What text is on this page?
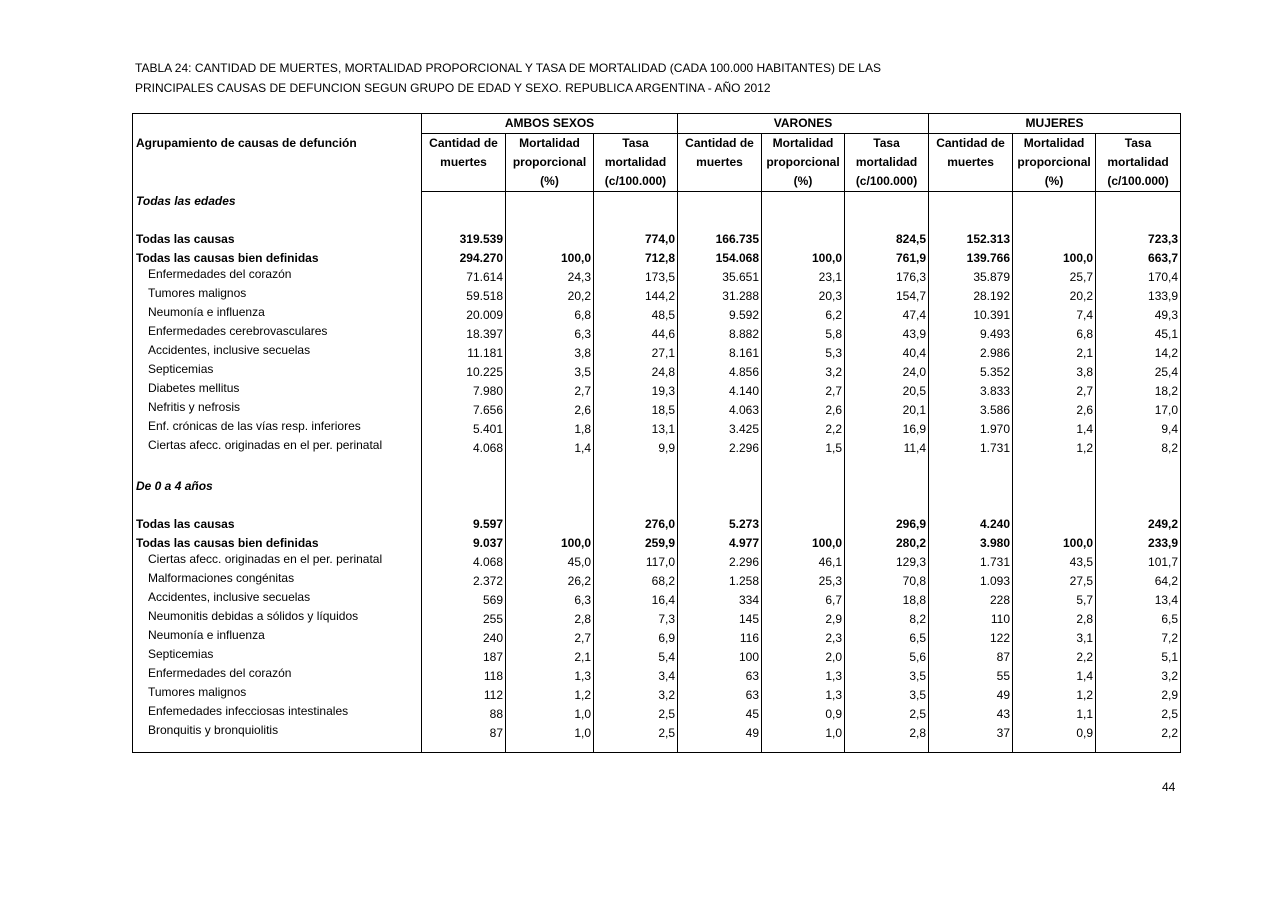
TABLA 24: CANTIDAD DE MUERTES, MORTALIDAD PROPORCIONAL Y TASA DE MORTALIDAD (CADA 100.000 HABITANTES) DE LAS
PRINCIPALES CAUSAS DE DEFUNCION SEGUN GRUPO DE EDAD Y SEXO. REPUBLICA ARGENTINA - AÑO 2012
	AMBOS SEXOS			VARONES			MUJERES		
Agrupamiento de causas de defunción	Cantidad de	Mortalidad	Tasa	Cantidad de	Mortalidad	Tasa	Cantidad de	Mortalidad	Tasa
	muertes	proporcional	mortalidad	muertes	proporcional	mortalidad	muertes	proporcional	mortalidad
		(%)	(c/100.000)		(%)	(c/100.000)		(%)	(c/100.000)
Todas las edades									

Todas las causas	319.539		774,0	166.735		824,5	152.313		723,3
Todas las causas bien definidas	294.270	100,0	712,8	154.068	100,0	761,9	139.766	100,0	663,7
Enfermedades del corazón	71.614	24,3	173,5	35.651	23,1	176,3	35.879	25,7	170,4
Tumores malignos	59.518	20,2	144,2	31.288	20,3	154,7	28.192	20,2	133,9
Neumonía e influenza	20.009	6,8	48,5	9.592	6,2	47,4	10.391	7,4	49,3
Enfermedades cerebrovasculares	18.397	6,3	44,6	8.882	5,8	43,9	9.493	6,8	45,1
Accidentes, inclusive secuelas	11.181	3,8	27,1	8.161	5,3	40,4	2.986	2,1	14,2
Septicemias	10.225	3,5	24,8	4.856	3,2	24,0	5.352	3,8	25,4
Diabetes mellitus	7.980	2,7	19,3	4.140	2,7	20,5	3.833	2,7	18,2
Nefritis y nefrosis	7.656	2,6	18,5	4.063	2,6	20,1	3.586	2,6	17,0
Enf. crónicas de las vías resp. inferiores	5.401	1,8	13,1	3.425	2,2	16,9	1.970	1,4	9,4
Ciertas afecc. originadas en el per. perinatal	4.068	1,4	9,9	2.296	1,5	11,4	1.731	1,2	8,2

De 0 a 4 años									

Todas las causas	9.597		276,0	5.273		296,9	4.240		249,2
Todas las causas bien definidas	9.037	100,0	259,9	4.977	100,0	280,2	3.980	100,0	233,9
Ciertas afecc. originadas en el per. perinatal	4.068	45,0	117,0	2.296	46,1	129,3	1.731	43,5	101,7
Malformaciones congénitas	2.372	26,2	68,2	1.258	25,3	70,8	1.093	27,5	64,2
Accidentes, inclusive secuelas	569	6,3	16,4	334	6,7	18,8	228	5,7	13,4
Neumonitis debidas a sólidos y líquidos	255	2,8	7,3	145	2,9	8,2	110	2,8	6,5
Neumonía e influenza	240	2,7	6,9	116	2,3	6,5	122	3,1	7,2
Septicemias	187	2,1	5,4	100	2,0	5,6	87	2,2	5,1
Enfermedades del corazón	118	1,3	3,4	63	1,3	3,5	55	1,4	3,2
Tumores malignos	112	1,2	3,2	63	1,3	3,5	49	1,2	2,9
Enfemedades infecciosas intestinales	88	1,0	2,5	45	0,9	2,5	43	1,1	2,5
Bronquitis y bronquiolitis	87	1,0	2,5	49	1,0	2,8	37	0,9	2,2

44
